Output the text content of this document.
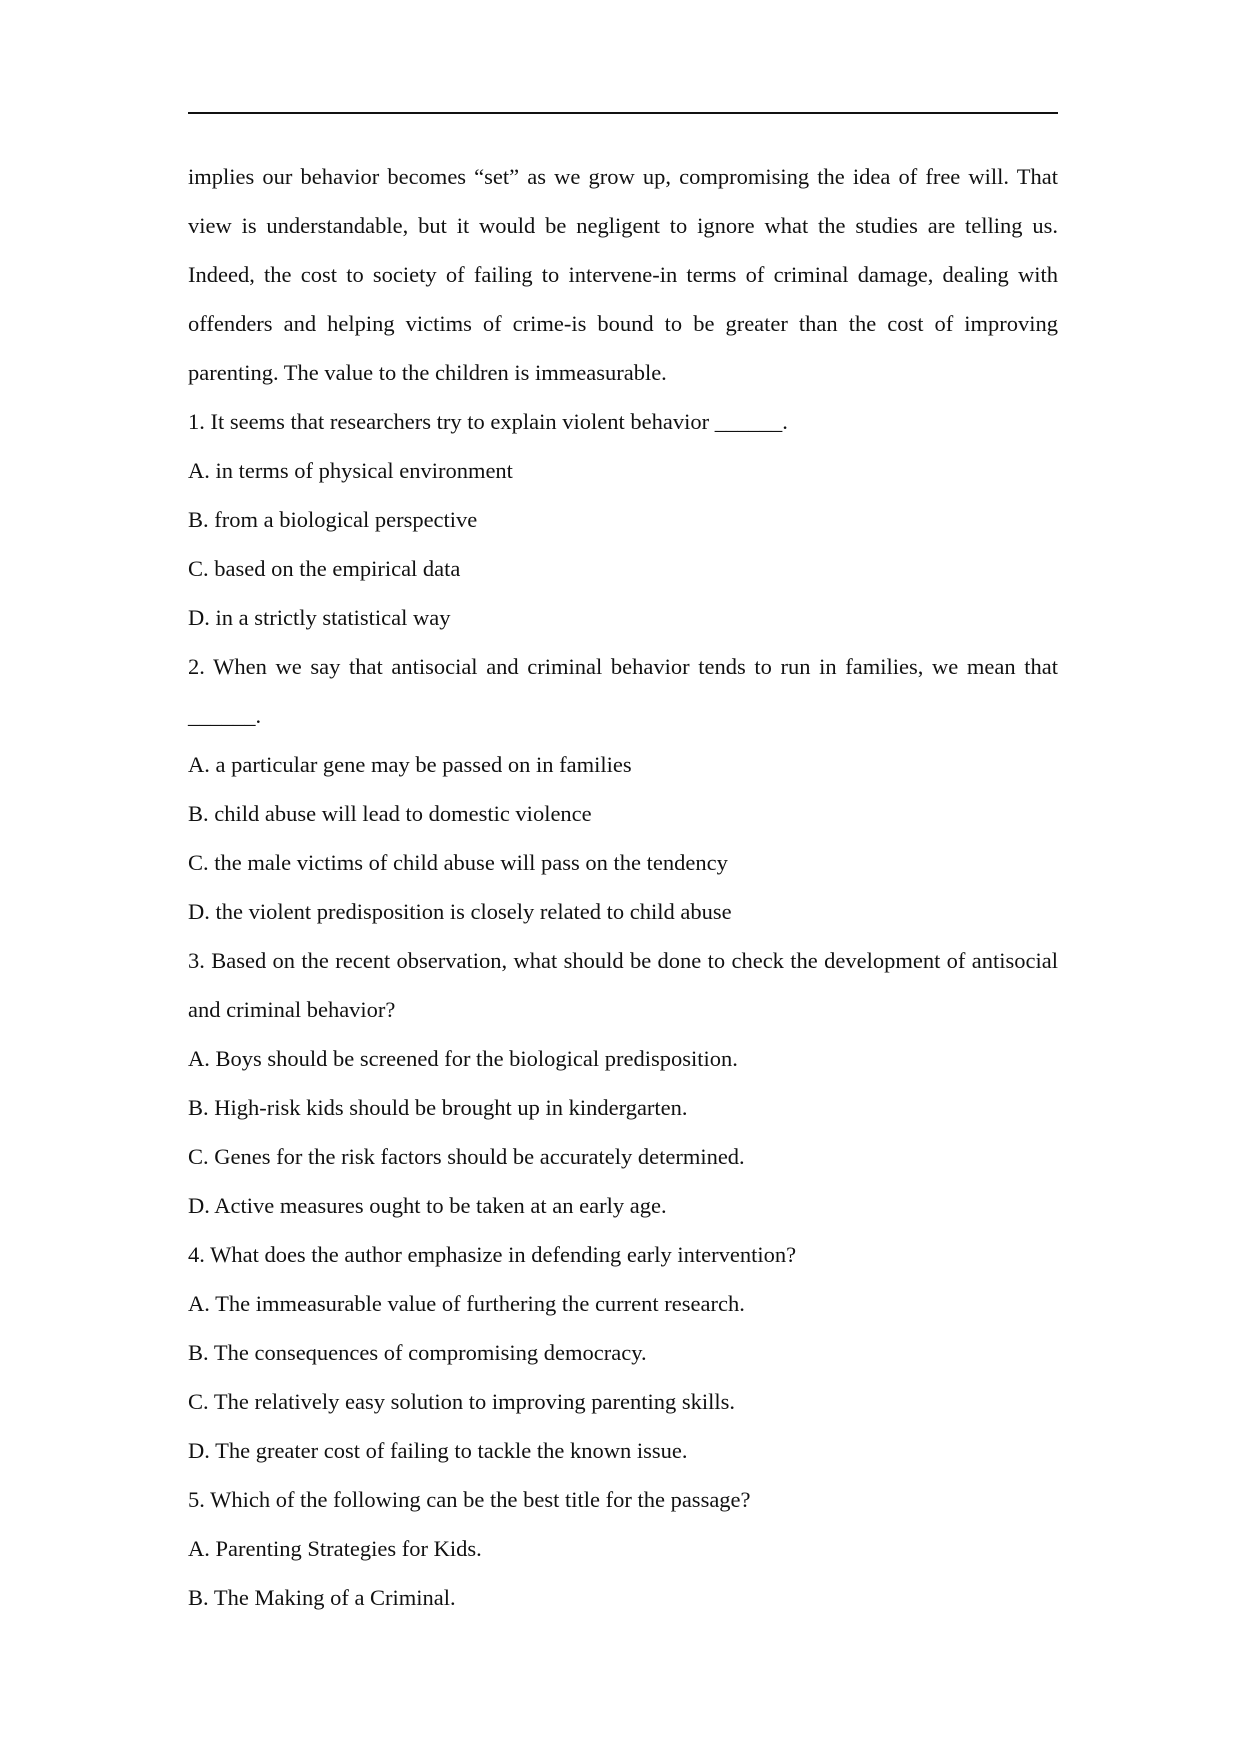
implies our behavior becomes “set” as we grow up, compromising the idea of free will. That view is understandable, but it would be negligent to ignore what the studies are telling us. Indeed, the cost to society of failing to intervene-in terms of criminal damage, dealing with offenders and helping victims of crime-is bound to be greater than the cost of improving parenting. The value to the children is immeasurable.

1. It seems that researchers try to explain violent behavior ______.

A. in terms of physical environment

B. from a biological perspective

C. based on the empirical data

D. in a strictly statistical way

2. When we say that antisocial and criminal behavior tends to run in families, we mean that ______.

A. a particular gene may be passed on in families

B. child abuse will lead to domestic violence

C. the male victims of child abuse will pass on the tendency

D. the violent predisposition is closely related to child abuse

3. Based on the recent observation, what should be done to check the development of antisocial and criminal behavior?

A. Boys should be screened for the biological predisposition.

B. High-risk kids should be brought up in kindergarten.

C. Genes for the risk factors should be accurately determined.

D. Active measures ought to be taken at an early age.

4. What does the author emphasize in defending early intervention?

A. The immeasurable value of furthering the current research.

B. The consequences of compromising democracy.

C. The relatively easy solution to improving parenting skills.

D. The greater cost of failing to tackle the known issue.

5. Which of the following can be the best title for the passage?

A. Parenting Strategies for Kids.

B. The Making of a Criminal.
